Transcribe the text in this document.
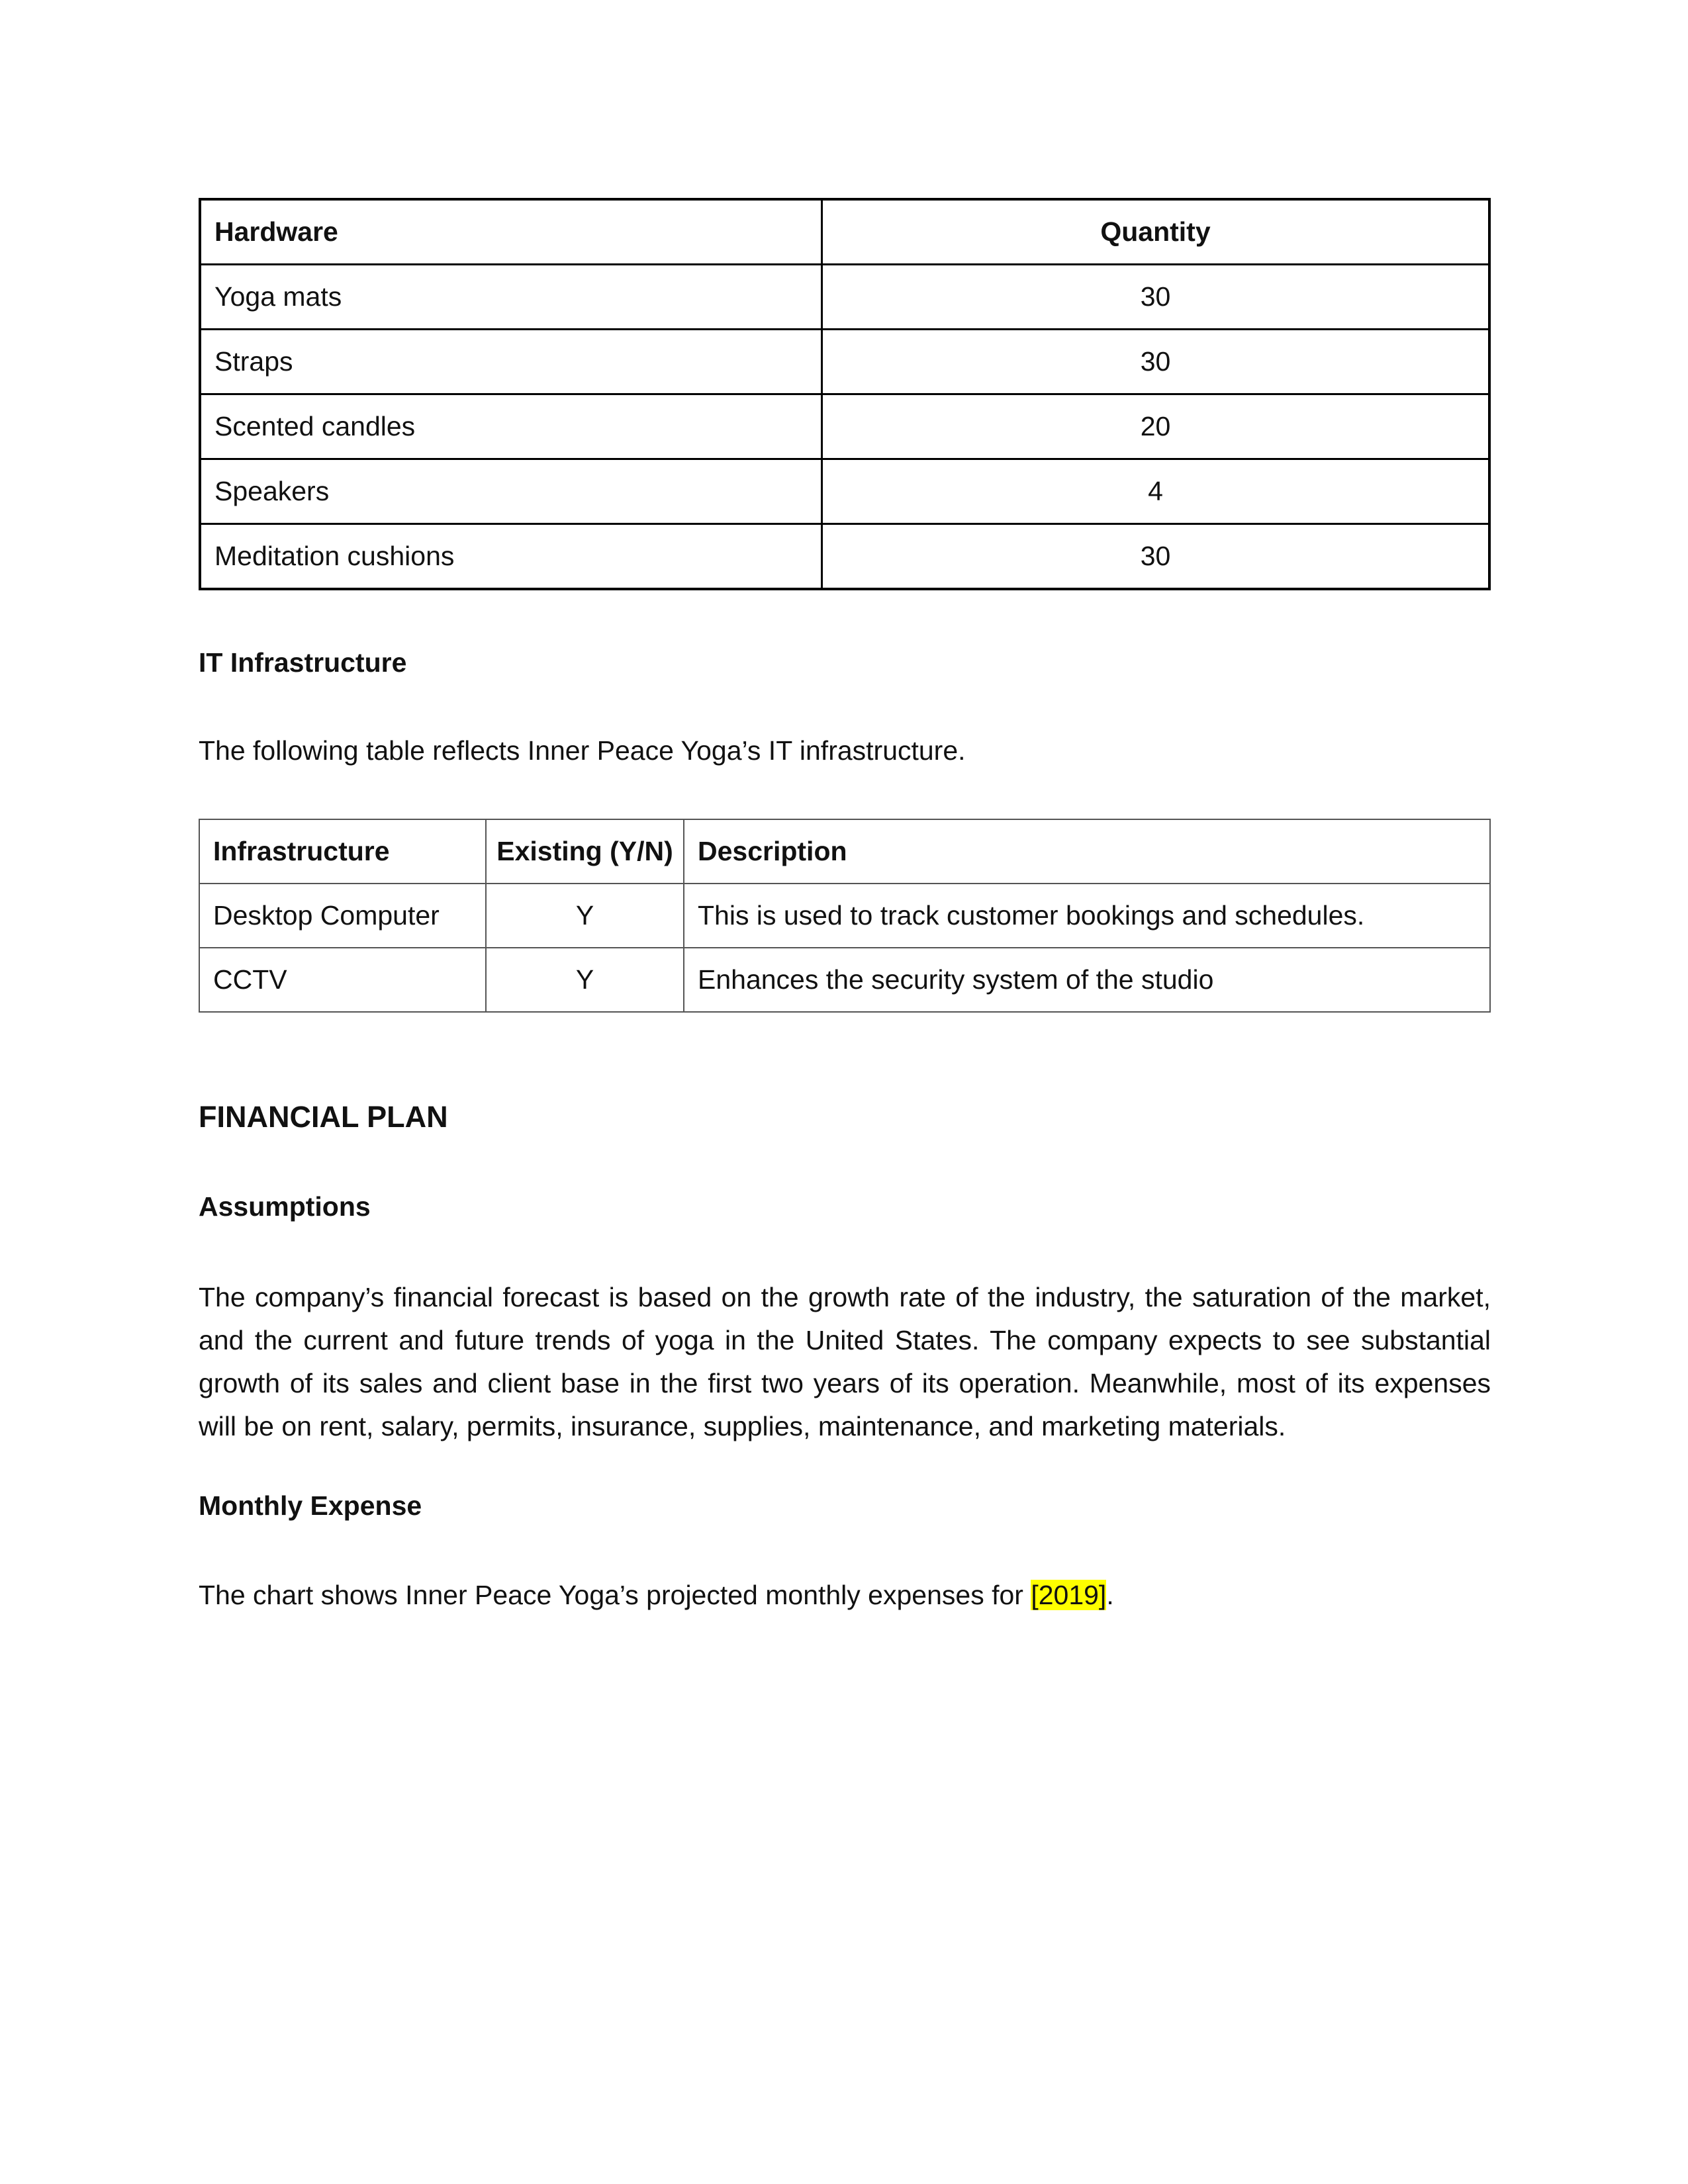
Hardware	Quantity
Yoga mats	30
Straps	30
Scented candles	20
Speakers	4
Meditation cushions	30
IT Infrastructure

The following table reflects Inner Peace Yoga’s IT infrastructure.

Infrastructure	Existing (Y/N)	Description
Desktop Computer	Y	This is used to track customer bookings and schedules.
CCTV	Y	Enhances the security system of the studio
FINANCIAL PLAN
Assumptions

The company’s financial forecast is based on the growth rate of the industry, the saturation of the market, and the current and future trends of yoga in the United States. The company expects to see substantial growth of its sales and client base in the first two years of its operation. Meanwhile, most of its expenses will be on rent, salary, permits, insurance, supplies, maintenance, and marketing materials.

Monthly Expense

The chart shows Inner Peace Yoga’s projected monthly expenses for [2019].
